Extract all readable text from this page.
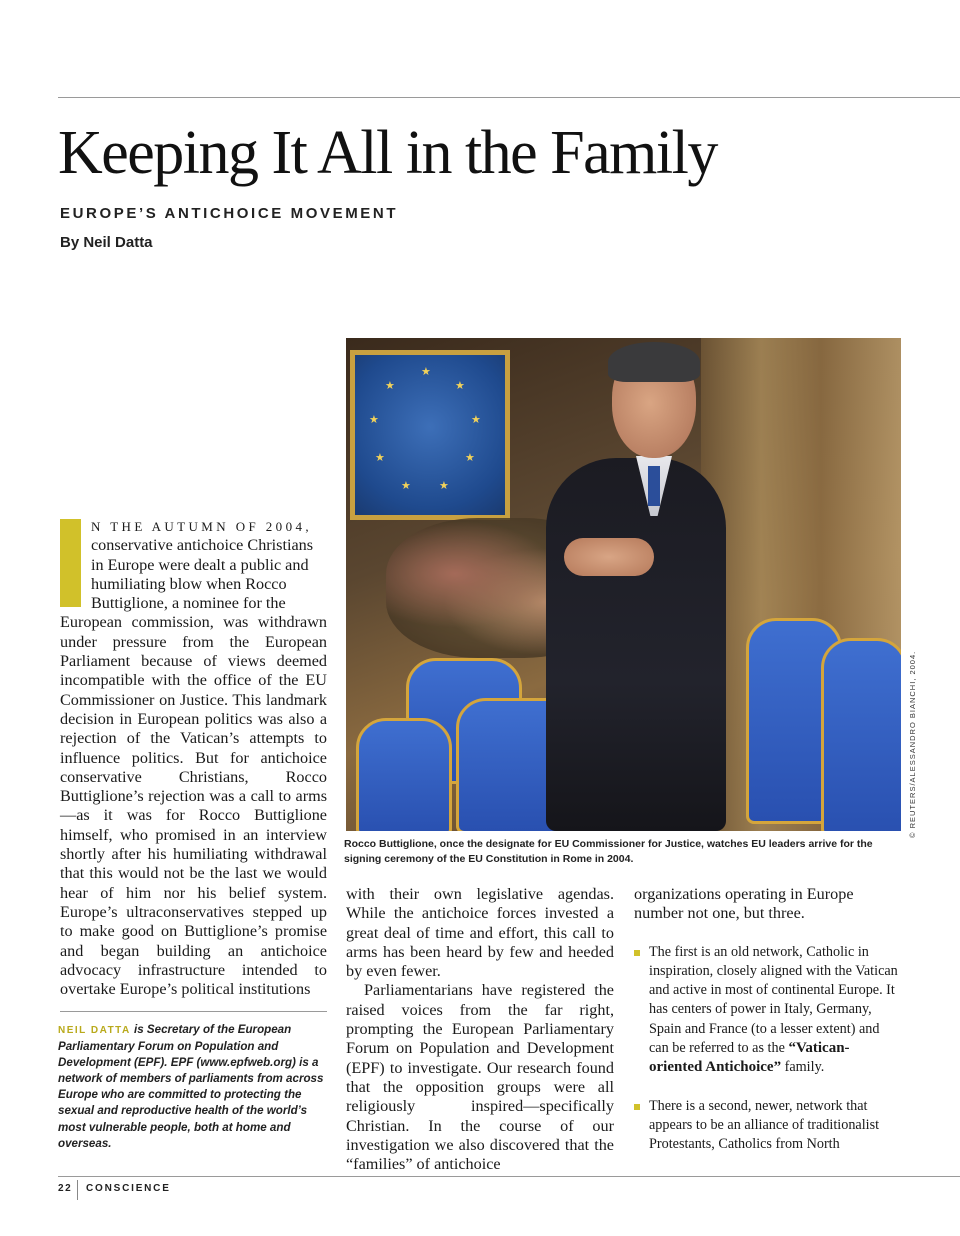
Keeping It All in the Family
EUROPE’S ANTICHOICE MOVEMENT

By Neil Datta

★
★
★
★
★
★
★
★
★
© REUTERS/ALESSANDRO BIANCHI, 2004.

Rocco Buttiglione, once the designate for EU Commissioner for Justice, watches EU leaders arrive for the signing ceremony of the EU Constitution in Rome in 2004.

N THE AUTUMN OF 2004,
conservative antichoice Christians
in Europe were dealt a public and
humiliating blow when Rocco
Buttiglione, a nominee for the
European commission, was withdrawn under pressure from the European Parliament because of views deemed incompatible with the office of the EU Commissioner on Justice. This landmark decision in European politics was also a rejection of the Vatican’s attempts to influence politics. But for antichoice conservative Christians, Rocco Buttiglione’s rejection was a call to arms—as it was for Rocco Buttiglione himself, who promised in an interview shortly after his humiliating withdrawal that this would not be the last we would hear of him nor his belief system. Europe’s ultraconservatives stepped up to make good on Buttiglione’s promise and began building an antichoice advocacy infrastructure intended to overtake Europe’s political institutions

NEIL DATTA is Secretary of the European Parliamentary Forum on Population and Development (EPF). EPF (www.epfweb.org) is a network of members of parliaments from across Europe who are committed to protecting the sexual and reproductive health of the world’s most vulnerable people, both at home and overseas.

with their own legislative agendas. While the antichoice forces invested a great deal of time and effort, this call to arms has been heard by few and heeded by even fewer.

Parliamentarians have registered the raised voices from the far right, prompting the European Parliamentary Forum on Population and Development (EPF) to investigate. Our research found that the opposition groups were all religiously inspired—specifically Christian. In the course of our investigation we also discovered that the “families” of antichoice

organizations operating in Europe number not one, but three.

The first is an old network, Catholic in inspiration, closely aligned with the Vatican and active in most of continental Europe. It has centers of power in Italy, Germany, Spain and France (to a lesser extent) and can be referred to as the “Vatican-oriented Antichoice” family.
There is a second, newer, network that appears to be an alliance of traditionalist Protestants, Catholics from North
22 CONSCIENCE
